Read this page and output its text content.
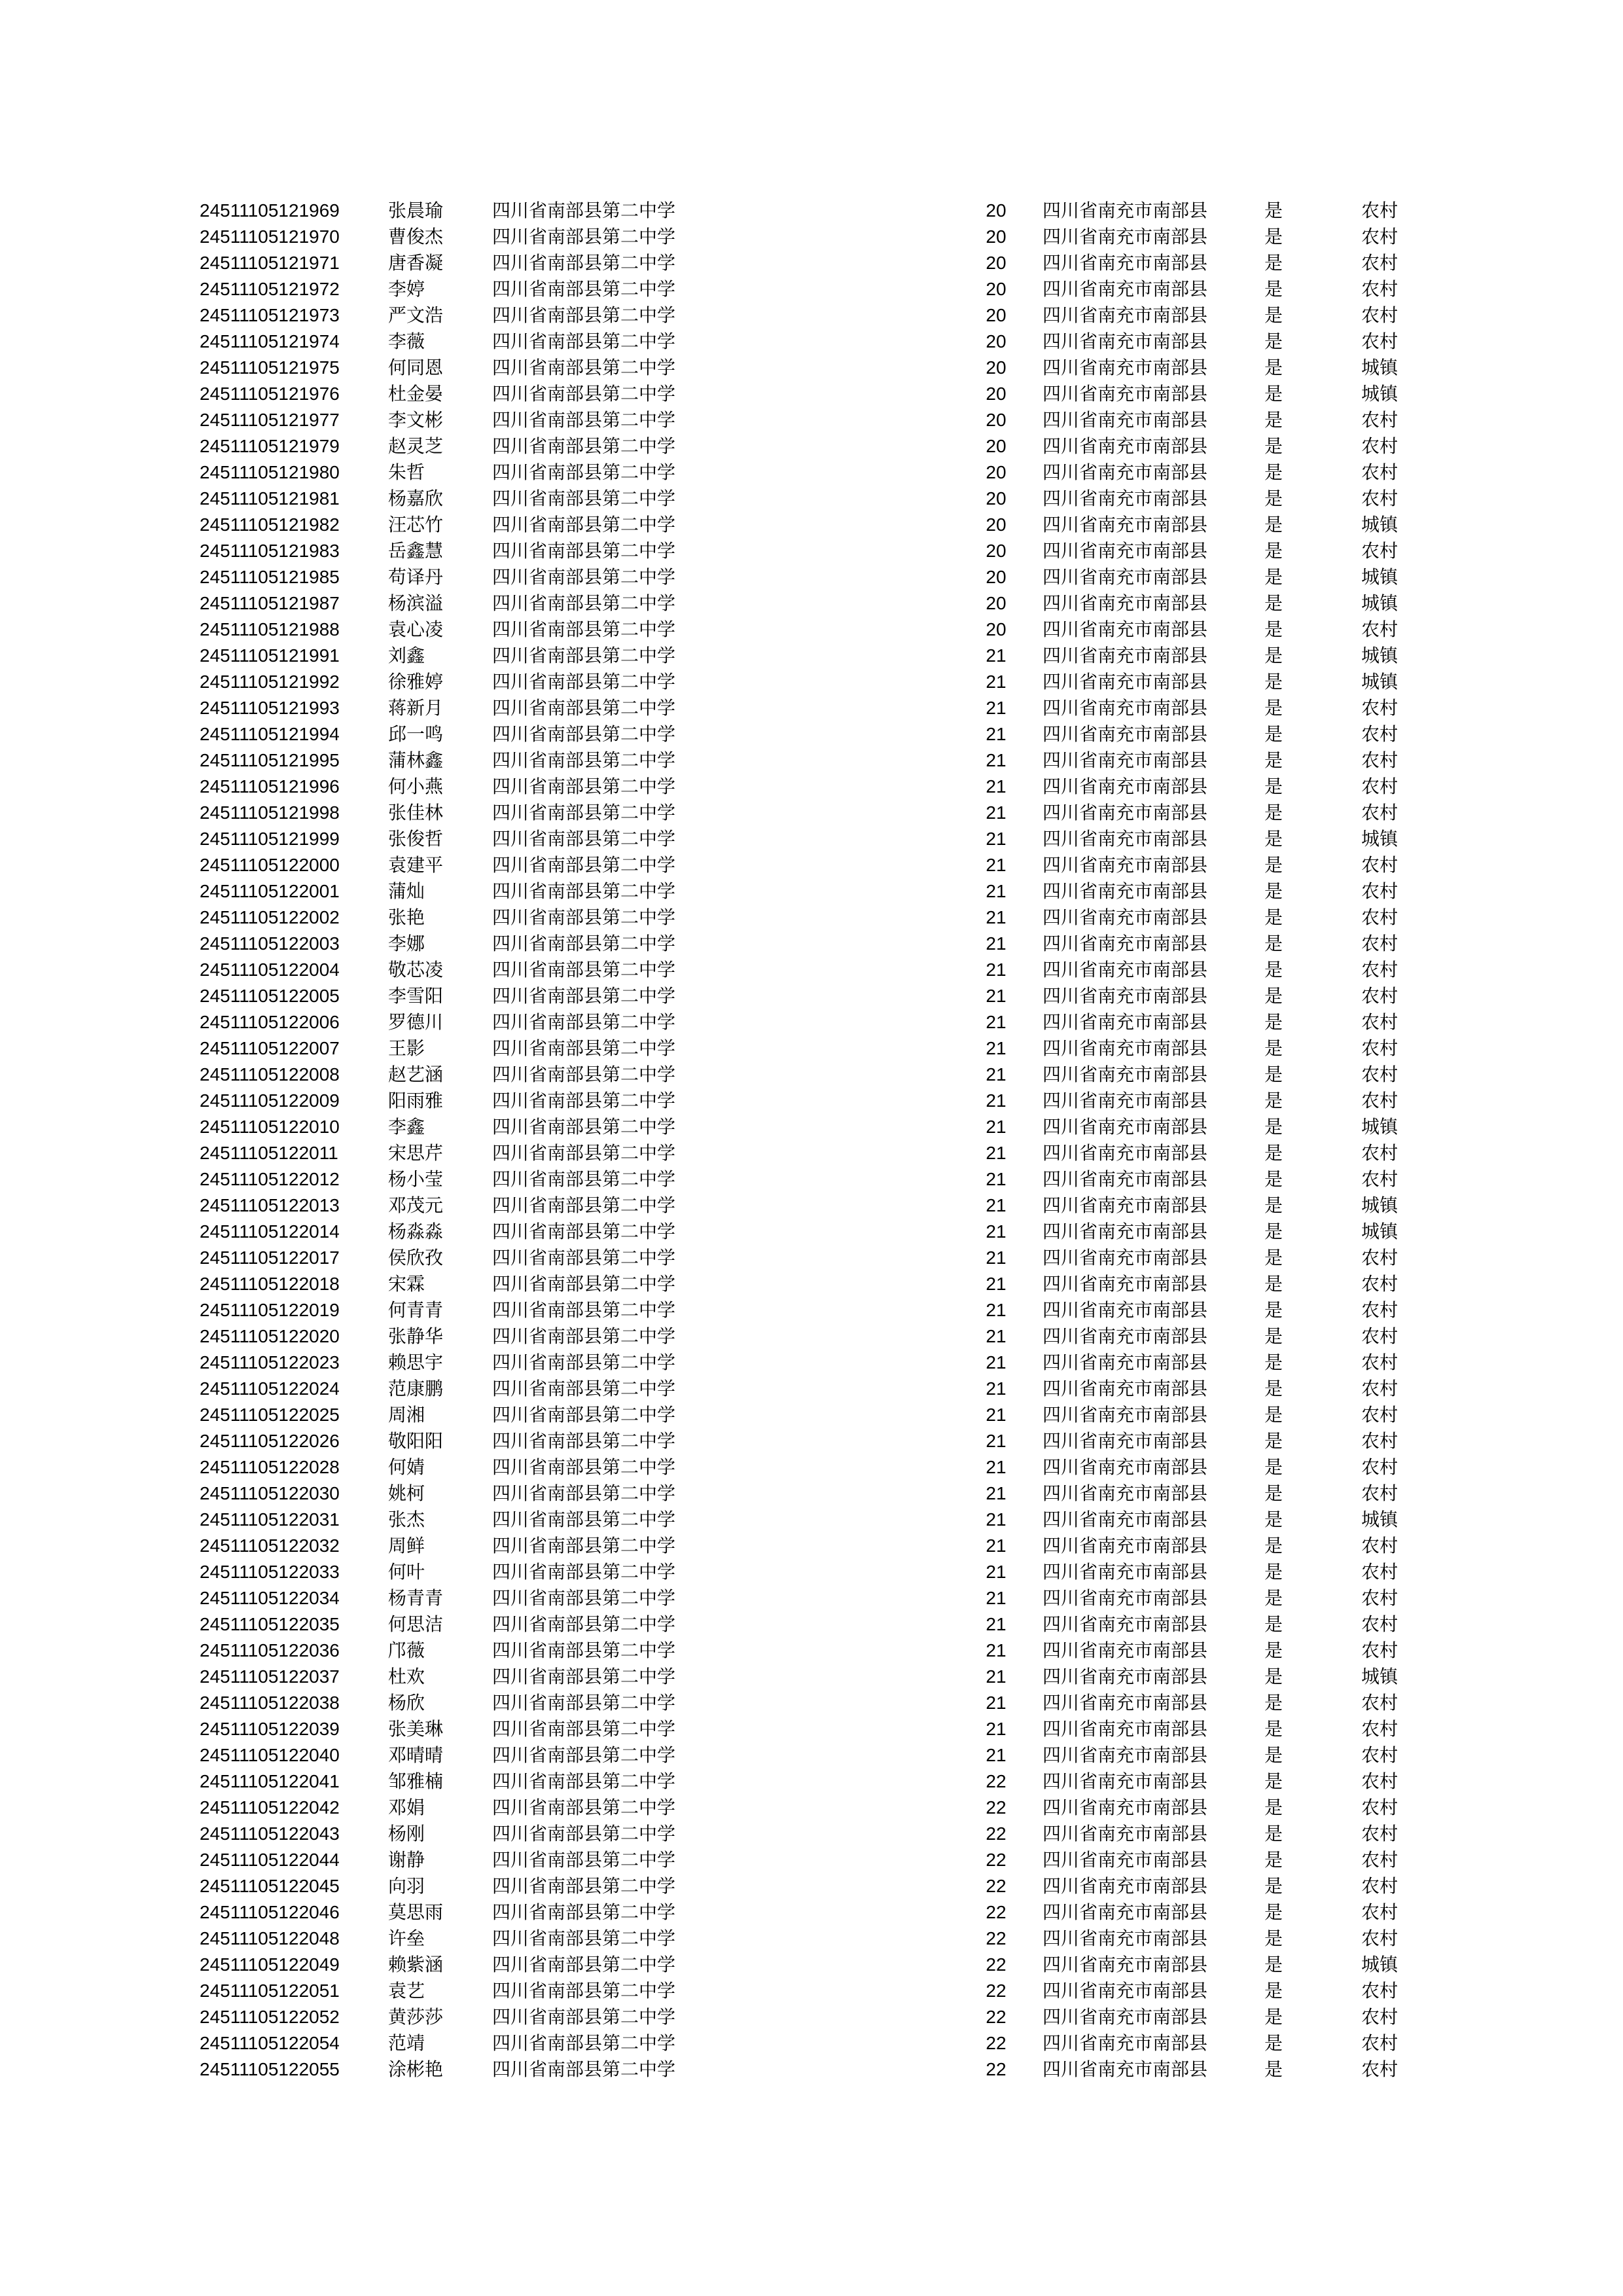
24511105121969	张晨瑜	四川省南部县第二中学	20	四川省南充市南部县	是	农村
24511105121970	曹俊杰	四川省南部县第二中学	20	四川省南充市南部县	是	农村
24511105121971	唐香凝	四川省南部县第二中学	20	四川省南充市南部县	是	农村
24511105121972	李婷	四川省南部县第二中学	20	四川省南充市南部县	是	农村
24511105121973	严文浩	四川省南部县第二中学	20	四川省南充市南部县	是	农村
24511105121974	李薇	四川省南部县第二中学	20	四川省南充市南部县	是	农村
24511105121975	何同恩	四川省南部县第二中学	20	四川省南充市南部县	是	城镇
24511105121976	杜金晏	四川省南部县第二中学	20	四川省南充市南部县	是	城镇
24511105121977	李文彬	四川省南部县第二中学	20	四川省南充市南部县	是	农村
24511105121979	赵灵芝	四川省南部县第二中学	20	四川省南充市南部县	是	农村
24511105121980	朱哲	四川省南部县第二中学	20	四川省南充市南部县	是	农村
24511105121981	杨嘉欣	四川省南部县第二中学	20	四川省南充市南部县	是	农村
24511105121982	汪芯竹	四川省南部县第二中学	20	四川省南充市南部县	是	城镇
24511105121983	岳鑫慧	四川省南部县第二中学	20	四川省南充市南部县	是	农村
24511105121985	苟译丹	四川省南部县第二中学	20	四川省南充市南部县	是	城镇
24511105121987	杨滨溢	四川省南部县第二中学	20	四川省南充市南部县	是	城镇
24511105121988	袁心凌	四川省南部县第二中学	20	四川省南充市南部县	是	农村
24511105121991	刘鑫	四川省南部县第二中学	21	四川省南充市南部县	是	城镇
24511105121992	徐雅婷	四川省南部县第二中学	21	四川省南充市南部县	是	城镇
24511105121993	蒋新月	四川省南部县第二中学	21	四川省南充市南部县	是	农村
24511105121994	邱一鸣	四川省南部县第二中学	21	四川省南充市南部县	是	农村
24511105121995	蒲林鑫	四川省南部县第二中学	21	四川省南充市南部县	是	农村
24511105121996	何小燕	四川省南部县第二中学	21	四川省南充市南部县	是	农村
24511105121998	张佳林	四川省南部县第二中学	21	四川省南充市南部县	是	农村
24511105121999	张俊哲	四川省南部县第二中学	21	四川省南充市南部县	是	城镇
24511105122000	袁建平	四川省南部县第二中学	21	四川省南充市南部县	是	农村
24511105122001	蒲灿	四川省南部县第二中学	21	四川省南充市南部县	是	农村
24511105122002	张艳	四川省南部县第二中学	21	四川省南充市南部县	是	农村
24511105122003	李娜	四川省南部县第二中学	21	四川省南充市南部县	是	农村
24511105122004	敬芯凌	四川省南部县第二中学	21	四川省南充市南部县	是	农村
24511105122005	李雪阳	四川省南部县第二中学	21	四川省南充市南部县	是	农村
24511105122006	罗德川	四川省南部县第二中学	21	四川省南充市南部县	是	农村
24511105122007	王影	四川省南部县第二中学	21	四川省南充市南部县	是	农村
24511105122008	赵艺涵	四川省南部县第二中学	21	四川省南充市南部县	是	农村
24511105122009	阳雨雅	四川省南部县第二中学	21	四川省南充市南部县	是	农村
24511105122010	李鑫	四川省南部县第二中学	21	四川省南充市南部县	是	城镇
24511105122011	宋思芹	四川省南部县第二中学	21	四川省南充市南部县	是	农村
24511105122012	杨小莹	四川省南部县第二中学	21	四川省南充市南部县	是	农村
24511105122013	邓茂元	四川省南部县第二中学	21	四川省南充市南部县	是	城镇
24511105122014	杨淼淼	四川省南部县第二中学	21	四川省南充市南部县	是	城镇
24511105122017	侯欣孜	四川省南部县第二中学	21	四川省南充市南部县	是	农村
24511105122018	宋霖	四川省南部县第二中学	21	四川省南充市南部县	是	农村
24511105122019	何青青	四川省南部县第二中学	21	四川省南充市南部县	是	农村
24511105122020	张静华	四川省南部县第二中学	21	四川省南充市南部县	是	农村
24511105122023	赖思宇	四川省南部县第二中学	21	四川省南充市南部县	是	农村
24511105122024	范康鹏	四川省南部县第二中学	21	四川省南充市南部县	是	农村
24511105122025	周湘	四川省南部县第二中学	21	四川省南充市南部县	是	农村
24511105122026	敬阳阳	四川省南部县第二中学	21	四川省南充市南部县	是	农村
24511105122028	何婧	四川省南部县第二中学	21	四川省南充市南部县	是	农村
24511105122030	姚柯	四川省南部县第二中学	21	四川省南充市南部县	是	农村
24511105122031	张杰	四川省南部县第二中学	21	四川省南充市南部县	是	城镇
24511105122032	周鲜	四川省南部县第二中学	21	四川省南充市南部县	是	农村
24511105122033	何叶	四川省南部县第二中学	21	四川省南充市南部县	是	农村
24511105122034	杨青青	四川省南部县第二中学	21	四川省南充市南部县	是	农村
24511105122035	何思洁	四川省南部县第二中学	21	四川省南充市南部县	是	农村
24511105122036	邝薇	四川省南部县第二中学	21	四川省南充市南部县	是	农村
24511105122037	杜欢	四川省南部县第二中学	21	四川省南充市南部县	是	城镇
24511105122038	杨欣	四川省南部县第二中学	21	四川省南充市南部县	是	农村
24511105122039	张美琳	四川省南部县第二中学	21	四川省南充市南部县	是	农村
24511105122040	邓晴晴	四川省南部县第二中学	21	四川省南充市南部县	是	农村
24511105122041	邹雅楠	四川省南部县第二中学	22	四川省南充市南部县	是	农村
24511105122042	邓娟	四川省南部县第二中学	22	四川省南充市南部县	是	农村
24511105122043	杨刚	四川省南部县第二中学	22	四川省南充市南部县	是	农村
24511105122044	谢静	四川省南部县第二中学	22	四川省南充市南部县	是	农村
24511105122045	向羽	四川省南部县第二中学	22	四川省南充市南部县	是	农村
24511105122046	莫思雨	四川省南部县第二中学	22	四川省南充市南部县	是	农村
24511105122048	许垒	四川省南部县第二中学	22	四川省南充市南部县	是	农村
24511105122049	赖紫涵	四川省南部县第二中学	22	四川省南充市南部县	是	城镇
24511105122051	袁艺	四川省南部县第二中学	22	四川省南充市南部县	是	农村
24511105122052	黄莎莎	四川省南部县第二中学	22	四川省南充市南部县	是	农村
24511105122054	范靖	四川省南部县第二中学	22	四川省南充市南部县	是	农村
24511105122055	涂彬艳	四川省南部县第二中学	22	四川省南充市南部县	是	农村
